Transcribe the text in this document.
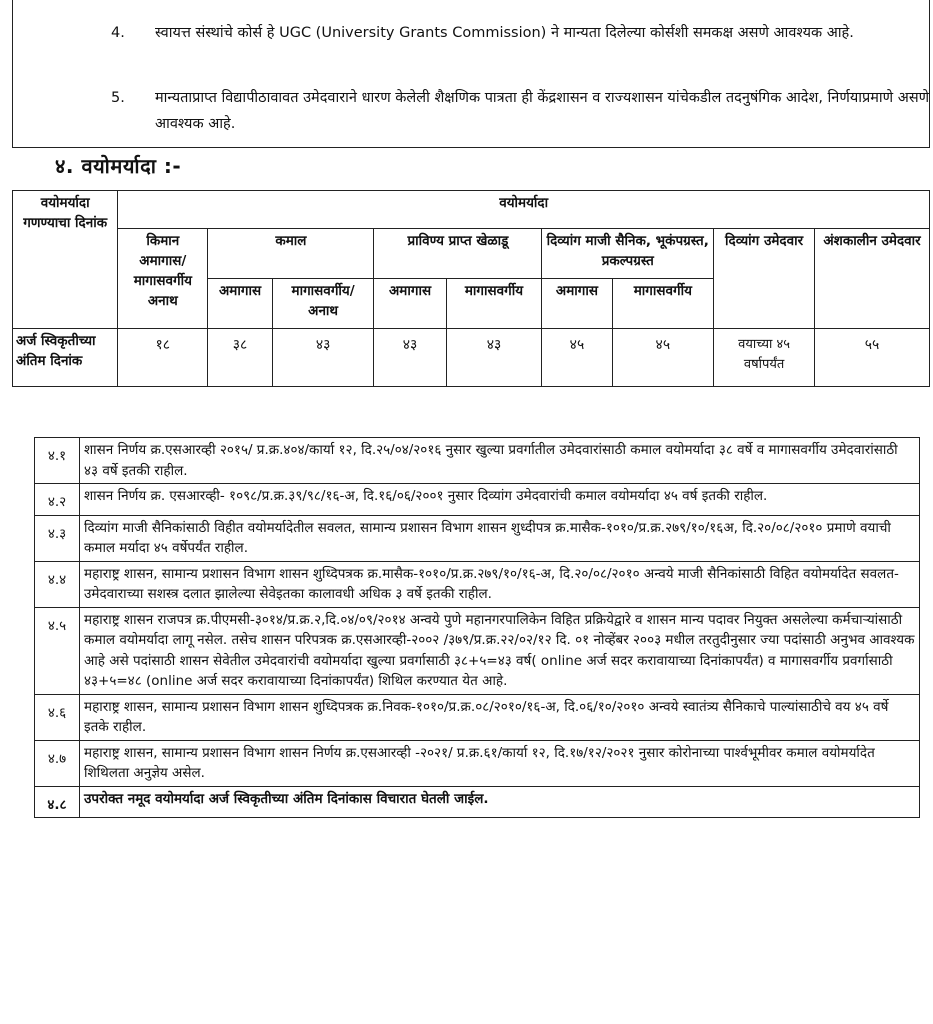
4. स्वायत्त संस्थांचे कोर्स हे UGC (University Grants Commission) ने मान्यता दिलेल्या कोर्सशी समकक्ष असणे आवश्यक आहे.
5. मान्यताप्राप्त विद्यापीठावावत उमेदवाराने धारण केलेली शैक्षणिक पात्रता ही केंद्रशासन व राज्यशासन यांचेकडील तदनुषंगिक आदेश, निर्णयाप्रमाणे असणे आवश्यक आहे.
४. वयोमर्यादा :-
वयोमर्यादा गणण्याचा दिनांक	वयोमर्यादा								
	किमान अमागास/ मागासवर्गीय अनाथ	कमाल		प्राविण्य प्राप्त खेळाडू		दिव्यांग माजी सैनिक, भूकंपग्रस्त, प्रकल्पग्रस्त		दिव्यांग उमेदवार	अंशकालीन उमेदवार
		अमागास	मागासवर्गीय/ अनाथ	अमागास	मागासवर्गीय	अमागास	मागासवर्गीय		
अर्ज स्विकृतीच्या अंतिम दिनांक	१८	३८	४३	४३	४३	४५	४५	वयाच्या ४५ वर्षापर्यंत	५५
४.१	शासन निर्णय क्र.एसआरव्ही २०१५/ प्र.क्र.४०४/कार्या १२, दि.२५/०४/२०१६ नुसार खुल्या प्रवर्गातील उमेदवारांसाठी कमाल वयोमर्यादा ३८ वर्षे व मागासवर्गीय उमेदवारांसाठी ४३ वर्षे इतकी राहील.
४.२	शासन निर्णय क्र. एसआरव्ही- १०९८/प्र.क्र.३९/९८/१६-अ, दि.१६/०६/२००१ नुसार दिव्यांग उमेदवारांची कमाल वयोमर्यादा ४५ वर्ष इतकी राहील.
४.३	दिव्यांग माजी सैनिकांसाठी विहीत वयोमर्यादेतील सवलत, सामान्य प्रशासन विभाग शासन शुध्दीपत्र क्र.मासैक-१०१०/प्र.क्र.२७९/१०/१६अ, दि.२०/०८/२०१० प्रमाणे वयाची कमाल मर्यादा ४५ वर्षेपर्यंत राहील.
४.४	महाराष्ट्र शासन, सामान्य प्रशासन विभाग शासन शुध्दिपत्रक क्र.मासैक-१०१०/प्र.क्र.२७९/१०/१६-अ, दि.२०/०८/२०१० अन्वये माजी सैनिकांसाठी विहित वयोमर्यादेत सवलत- उमेदवाराच्या सशस्त्र दलात झालेल्या सेवेइतका कालावधी अधिक ३ वर्षे इतकी राहील.
४.५	महाराष्ट्र शासन राजपत्र क्र.पीएमसी-३०१४/प्र.क्र.२,दि.०४/०९/२०१४ अन्वये पुणे महानगरपालिकेन विहित प्रक्रियेद्वारे व शासन मान्य पदावर नियुक्त असलेल्या कर्मचाऱ्यांसाठी कमाल वयोमर्यादा लागू नसेल. तसेच शासन परिपत्रक क्र.एसआरव्ही-२००२ /३७९/प्र.क्र.२२/०२/१२ दि. ०१ नोव्हेंबर २००३ मधील तरतुदीनुसार ज्या पदांसाठी अनुभव आवश्यक आहे असे पदांसाठी शासन सेवेतील उमेदवारांची वयोमर्यादा खुल्या प्रवर्गासाठी ३८+५=४३ वर्ष( online अर्ज सदर करावायाच्या दिनांकापर्यंत) व मागासवर्गीय प्रवर्गासाठी ४३+५=४८ (online अर्ज सदर करावायाच्या दिनांकापर्यंत) शिथिल करण्यात येत आहे.
४.६	महाराष्ट्र शासन, सामान्य प्रशासन विभाग शासन शुध्दिपत्रक क्र.निवक-१०१०/प्र.क्र.०८/२०१०/१६-अ, दि.०६/१०/२०१० अन्वये स्वातंत्र्य सैनिकाचे पाल्यांसाठीचे वय ४५ वर्षे इतके राहील.
४.७	महाराष्ट्र शासन, सामान्य प्रशासन विभाग शासन निर्णय क्र.एसआरव्ही -२०२१/ प्र.क्र.६१/कार्या १२, दि.१७/१२/२०२१ नुसार कोरोनाच्या पार्श्वभूमीवर कमाल वयोमर्यादेत शिथिलता अनुज्ञेय असेल.
४.८	उपरोक्त नमूद वयोमर्यादा अर्ज स्विकृतीच्या अंतिम दिनांकास विचारात घेतली जाईल.
